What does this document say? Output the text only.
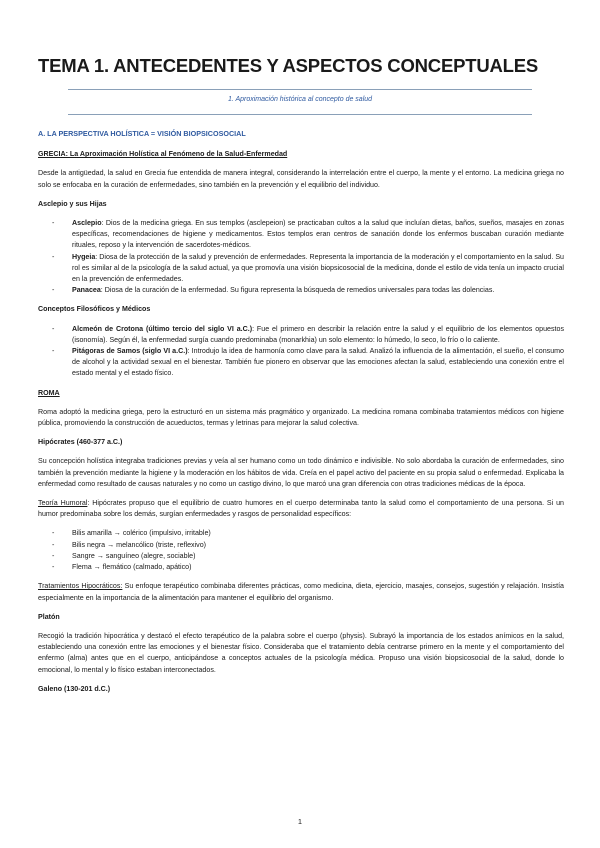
TEMA 1. ANTECEDENTES Y ASPECTOS CONCEPTUALES
1. Aproximación histórica al concepto de salud
A. LA PERSPECTIVA HOLÍSTICA = VISIÓN BIOPSICOSOCIAL
GRECIA: La Aproximación Holística al Fenómeno de la Salud-Enfermedad

Desde la antigüedad, la salud en Grecia fue entendida de manera integral, considerando la interrelación entre el cuerpo, la mente y el entorno. La medicina griega no solo se enfocaba en la curación de enfermedades, sino también en la prevención y el equilibrio del individuo.

Asclepio y sus Hijas
- Asclepio: Dios de la medicina griega. En sus templos (asclepeion) se practicaban cultos a la salud que incluían dietas, baños, sueños, masajes en zonas específicas, recomendaciones de higiene y medicamentos. Estos templos eran centros de sanación donde los enfermos buscaban curación mediante rituales, reposo y la intervención de sacerdotes-médicos.
- Hygeia: Diosa de la protección de la salud y prevención de enfermedades. Representa la importancia de la moderación y el comportamiento en la salud. Su rol es similar al de la psicología de la salud actual, ya que promovía una visión biopsicosocial de la medicina, donde el estilo de vida tenía un impacto crucial en la prevención de enfermedades.
- Panacea: Diosa de la curación de la enfermedad. Su figura representa la búsqueda de remedios universales para todas las dolencias.
Conceptos Filosóficos y Médicos
- Alcmeón de Crotona (último tercio del siglo VI a.C.): Fue el primero en describir la relación entre la salud y el equilibrio de los elementos opuestos (isonomía). Según él, la enfermedad surgía cuando predominaba (monarkhia) un solo elemento: lo húmedo, lo seco, lo frío o lo caliente.
- Pitágoras de Samos (siglo VI a.C.): Introdujo la idea de harmonía como clave para la salud. Analizó la influencia de la alimentación, el sueño, el consumo de alcohol y la actividad sexual en el bienestar. También fue pionero en observar que las emociones afectan la salud, estableciendo una conexión entre el estado mental y el estado físico.
ROMA

Roma adoptó la medicina griega, pero la estructuró en un sistema más pragmático y organizado. La medicina romana combinaba tratamientos médicos con higiene pública, promoviendo la construcción de acueductos, termas y letrinas para mejorar la salud colectiva.

Hipócrates (460-377 a.C.)

Su concepción holística integraba tradiciones previas y veía al ser humano como un todo dinámico e indivisible. No solo abordaba la curación de enfermedades, sino también la prevención mediante la higiene y la moderación en los hábitos de vida. Creía en el papel activo del paciente en su propia salud o enfermedad. Explicaba la enfermedad como resultado de causas naturales y no como un castigo divino, lo que marcó una gran diferencia con otras tradiciones médicas de la época.

Teoría Humoral: Hipócrates propuso que el equilibrio de cuatro humores en el cuerpo determinaba tanto la salud como el comportamiento de una persona. Si un humor predominaba sobre los demás, surgían enfermedades y rasgos de personalidad específicos:

- Bilis amarilla → colérico (impulsivo, irritable)
- Bilis negra → melancólico (triste, reflexivo)
- Sangre → sanguíneo (alegre, sociable)
- Flema → flemático (calmado, apático)

Tratamientos Hipocráticos: Su enfoque terapéutico combinaba diferentes prácticas, como medicina, dieta, ejercicio, masajes, consejos, sugestión y relajación. Insistía especialmente en la importancia de la alimentación para mantener el equilibrio del organismo.

Platón

Recogió la tradición hipocrática y destacó el efecto terapéutico de la palabra sobre el cuerpo (physis). Subrayó la importancia de los estados anímicos en la salud, estableciendo una conexión entre las emociones y el bienestar físico. Consideraba que el tratamiento debía centrarse primero en la mente y el comportamiento del enfermo (alma) antes que en el cuerpo, anticipándose a conceptos actuales de la psicología médica. Propuso una visión biopsicosocial de la salud, donde lo emocional, lo mental y lo físico estaban interconectados.

Galeno (130-201 d.C.)
1
